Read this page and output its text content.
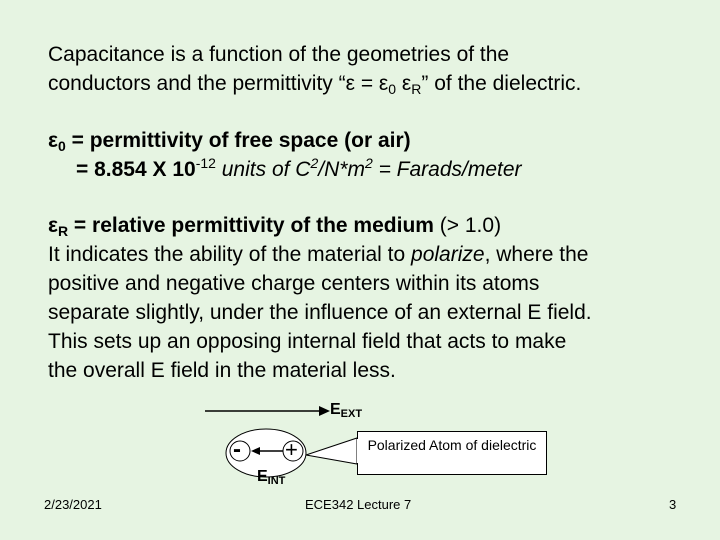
Capacitance is a function of the geometries of the
conductors and the permittivity “$\varepsilon = \varepsilon_0$ $\varepsilon_R$” of the dielectric.
$\varepsilon_0$ = permittivity of free space (or air)
= 8.854 X $10^{-12}$ units of $C^2/N*m^2$ = Farads/meter
$\varepsilon_R$ = relative permittivity of the medium (> 1.0)
It indicates the ability of the material to polarize, where the
positive and negative charge centers within its atoms
separate slightly, under the influence of an external E field.
This sets up an opposing internal field that acts to make
the overall E field in the material less.
$E_{EXT}$
- +
$E_{INT}$
Polarized Atom of dielectric
2/23/2021	ECE342 Lecture 7	3
